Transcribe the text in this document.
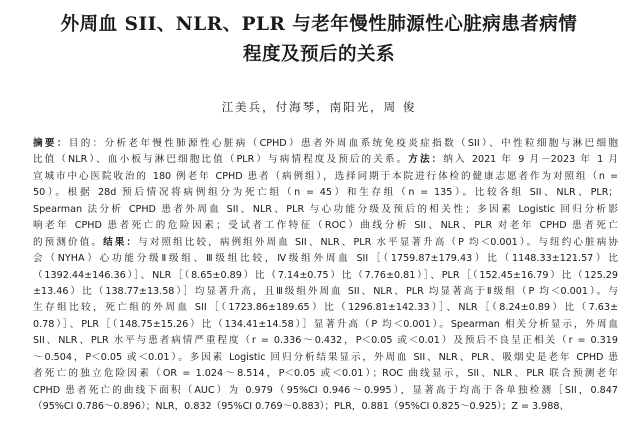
外周血 SII、NLR、PLR 与老年慢性肺源性心脏病患者病情
程度及预后的关系
江美兵，付海琴，南阳光，周 俊
摘要：目的：分析老年慢性肺源性心脏病（CPHD）患者外周血系统免疫炎症指数（SII）、中性粒细胞与淋巴细胞
比值（NLR）、血小板与淋巴细胞比值（PLR）与病情程度及预后的关系。方法：纳入 2021 年 9 月－2023 年 1 月
宣城市中心医院收治的 180 例老年 CPHD 患者（病例组），选择同期于本院进行体检的健康志愿者作为对照组（n =
50）。根据 28d 预后情况将病例组分为死亡组（n = 45）和生存组（n = 135）。比较各组 SII、NLR、PLR；
Spearman 法分析 CPHD 患者外周血 SII、NLR、PLR 与心功能分级及预后的相关性；多因素 Logistic 回归分析影
响老年 CPHD 患者死亡的危险因素；受试者工作特征（ROC）曲线分析 SII、NLR、PLR 对老年 CPHD 患者死亡
的预测价值。结果：与对照组比较，病例组外周血 SII、NLR、PLR 水平显著升高（P 均＜0.001）。与纽约心脏病协
会（NYHA）心功能分级Ⅱ级组、Ⅲ级组比较，Ⅳ级组外周血 SII［（1759.87±179.43）比（1148.33±121.57）比
（1392.44±146.36）］、NLR［（8.65±0.89）比（7.14±0.75）比（7.76±0.81）］、PLR［（152.45±16.79）比（125.29
±13.46）比（138.77±13.58）］均显著升高，且Ⅲ级组外周血 SII、NLR、PLR 均显著高于Ⅱ级组（P 均＜0.001）。与
生存组比较，死亡组的外周血 SII［（1723.86±189.65）比（1296.81±142.33）］、NLR［（8.24±0.89）比（7.63±
0.78）］、PLR［（148.75±15.26）比（134.41±14.58）］显著升高（P 均＜0.001）。Spearman 相关分析显示，外周血
SII、NLR、PLR 水平与患者病情严重程度（r = 0.336～0.432，P＜0.05 或＜0.01）及预后不良呈正相关（r = 0.319
～0.504，P＜0.05 或＜0.01）。多因素 Logistic 回归分析结果显示，外周血 SII、NLR、PLR、吸烟史是老年 CPHD 患
者死亡的独立危险因素（OR = 1.024～8.514，P＜0.05 或＜0.01）；ROC 曲线显示，SII、NLR、PLR 联合预测老年
CPHD 患者死亡的曲线下面积（AUC）为 0.979（95%CI 0.946～0.995），显著高于均高于各单独检测［SII，0.847
（95%CI 0.786～0.896）；NLR，0.832（95%CI 0.769～0.883）；PLR，0.881（95%CI 0.825～0.925）；Z = 3.988、
